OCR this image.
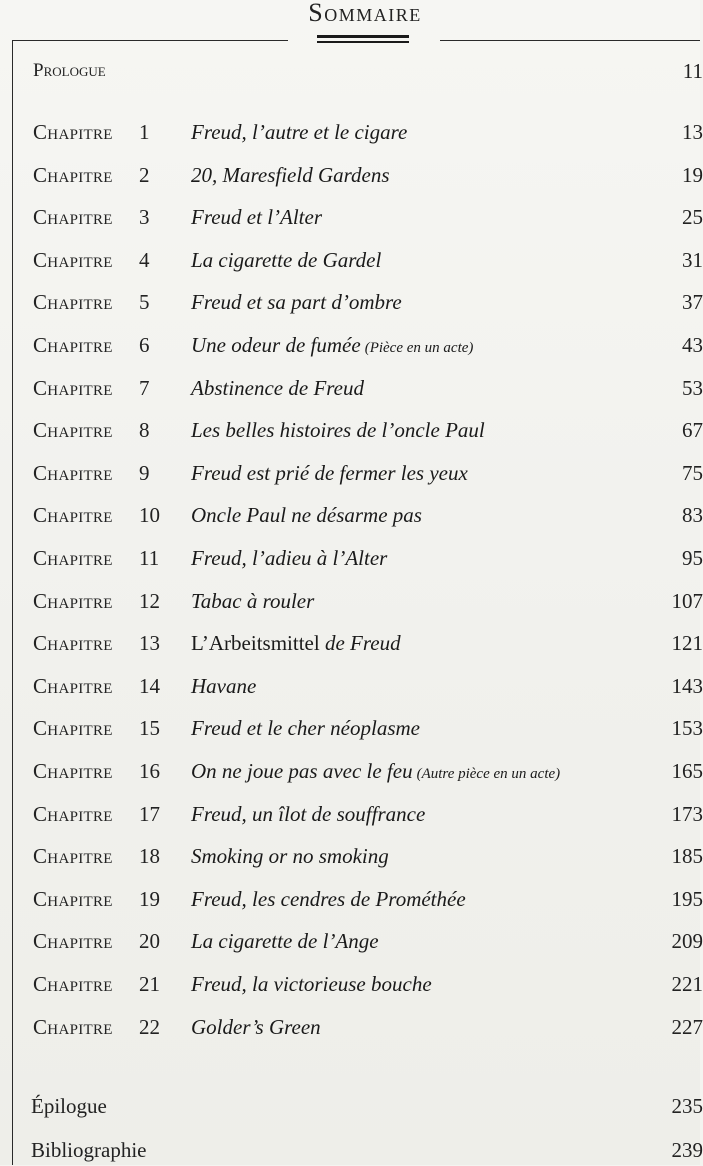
Sommaire
Prologue	11
Chapitre 1 Freud, l’autre et le cigare	13
Chapitre 2 20, Maresfield Gardens	19
Chapitre 3 Freud et l’Alter	25
Chapitre 4 La cigarette de Gardel	31
Chapitre 5 Freud et sa part d’ombre	37
Chapitre 6 Une odeur de fumée (Pièce en un acte)	43
Chapitre 7 Abstinence de Freud	53
Chapitre 8 Les belles histoires de l’oncle Paul	67
Chapitre 9 Freud est prié de fermer les yeux	75
Chapitre 10 Oncle Paul ne désarme pas	83
Chapitre 11 Freud, l’adieu à l’Alter	95
Chapitre 12 Tabac à rouler	107
Chapitre 13 L’Arbeitsmittel de Freud	121
Chapitre 14 Havane	143
Chapitre 15 Freud et le cher néoplasme	153
Chapitre 16 On ne joue pas avec le feu (Autre pièce en un acte)	165
Chapitre 17 Freud, un îlot de souffrance	173
Chapitre 18 Smoking or no smoking	185
Chapitre 19 Freud, les cendres de Prométhée	195
Chapitre 20 La cigarette de l’Ange	209
Chapitre 21 Freud, la victorieuse bouche	221
Chapitre 22 Golder’s Green	227
Épilogue	235
Bibliographie	239
